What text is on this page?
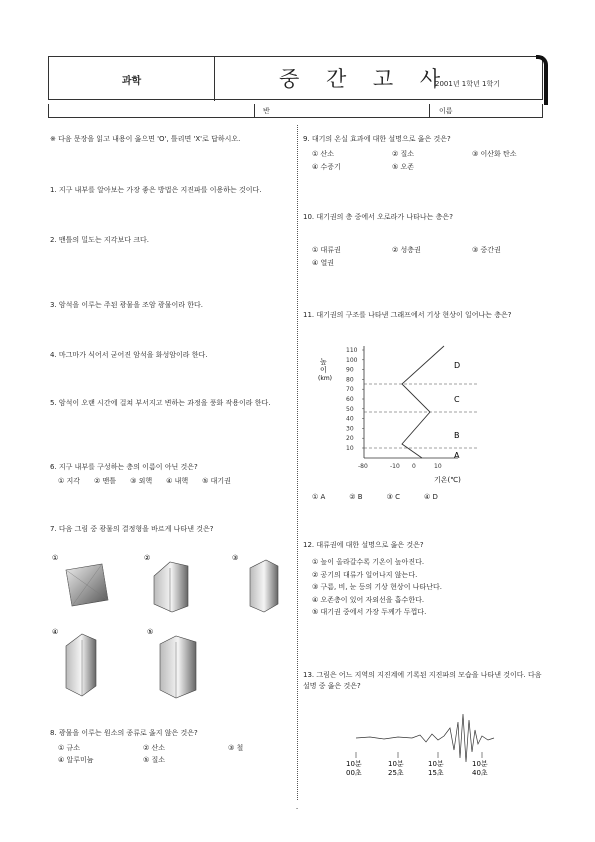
과학	중 간 고 사
2001년 1학년 1학기
반	이름
※ 다음 문장을 읽고 내용이 옳으면 'O', 틀리면 'X'로 답하시오.
1. 지구 내부를 알아보는 가장 좋은 방법은 지진파를 이용하는 것이다.
2. 맨틀의 밀도는 지각보다 크다.
3. 암석을 이루는 주된 광물을 조암 광물이라 한다.
4. 마그마가 식어서 굳어진 암석을 화성암이라 한다.
5. 암석이 오랜 시간에 걸쳐 부서지고 변하는 과정을 풍화 작용이라 한다.
6. 지구 내부를 구성하는 층의 이름이 아닌 것은?
① 지각 ② 맨틀 ③ 외핵 ④ 내핵 ⑤ 대기권
7. 다음 그림 중 광물의 결정형을 바르게 나타낸 것은?
①	②	③
④	⑤
8. 광물을 이루는 원소의 종류로 옳지 않은 것은?
① 규소	② 산소	③ 철
④ 알루미늄	⑤ 질소
9. 대기의 온실 효과에 대한 설명으로 옳은 것은?
① 산소	② 질소	③ 이산화 탄소
④ 수증기	⑤ 오존
10. 대기권의 층 중에서 오로라가 나타나는 층은?
① 대류권	② 성층권	③ 중간권
④ 열권
11. 대기권의 구조를 나타낸 그래프에서 기상 현상이 일어나는 층은?
높
이
(km)
110
100
90
80
70
60
50
40
30
20
10
-80	-10 0	10
D
C
B
A
기온(℃)
① A	② B	③ C	④ D
12. 대류권에 대한 설명으로 옳은 것은?
① 높이 올라갈수록 기온이 높아진다.
② 공기의 대류가 일어나지 않는다.
③ 구름, 비, 눈 등의 기상 현상이 나타난다.
④ 오존층이 있어 자외선을 흡수한다.
⑤ 대기권 중에서 가장 두께가 두껍다.
13. 그림은 어느 지역의 지진계에 기록된 지진파의 모습을 나타낸 것이다. 다음 설명 중 옳은 것은?
10분
00초
10분
25초
10분
15초
10분
40초
-
